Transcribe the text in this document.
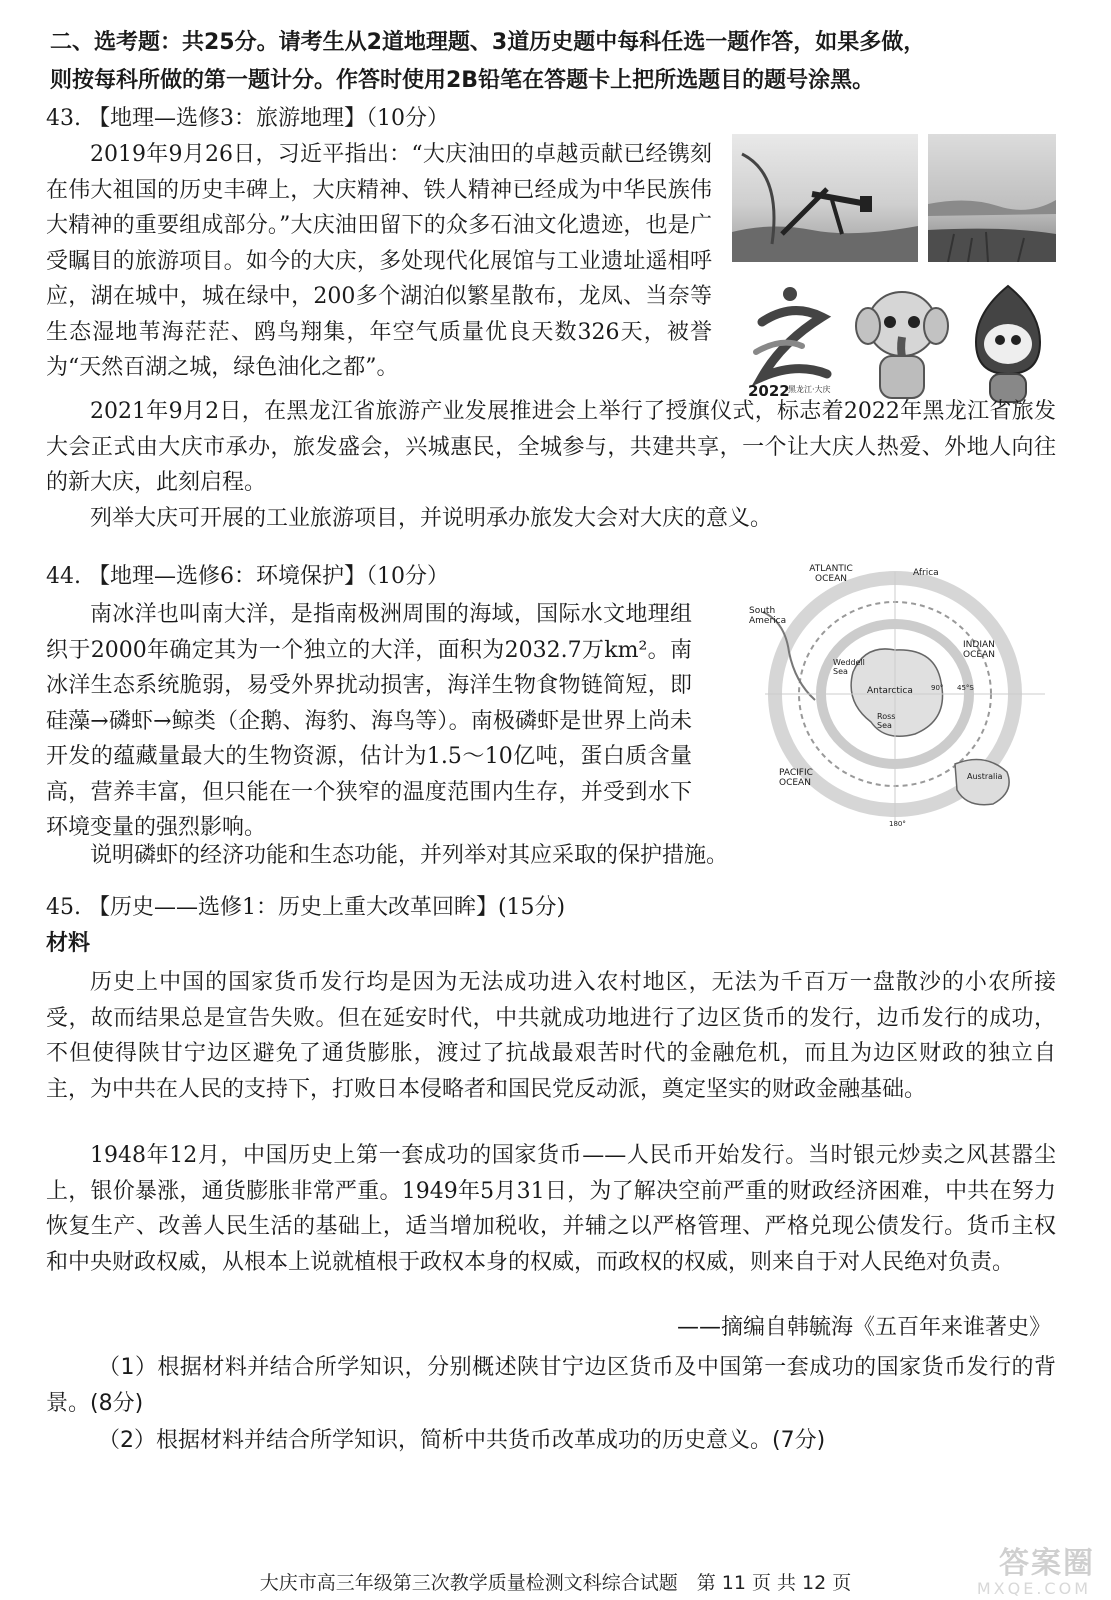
二、选考题：共25分。请考生从2道地理题、3道历史题中每科任选一题作答，如果多做，
则按每科所做的第一题计分。作答时使用2B铅笔在答题卡上把所选题目的题号涂黑。
43. 【地理—选修3：旅游地理】（10分）
2019年9月26日，习近平指出：“大庆油田的卓越贡献已经镌刻在伟大祖国的历史丰碑上，大庆精神、铁人精神已经成为中华民族伟大精神的重要组成部分。”大庆油田留下的众多石油文化遗迹，也是广受瞩目的旅游项目。如今的大庆，多处现代化展馆与工业遗址遥相呼应，湖在城中，城在绿中，200多个湖泊似繁星散布，龙凤、当奈等生态湿地苇海茫茫、鸥鸟翔集，年空气质量优良天数326天，被誉为“天然百湖之城，绿色油化之都”。
2022
黑龙江·大庆
2021年9月2日，在黑龙江省旅游产业发展推进会上举行了授旗仪式，标志着2022年黑龙江省旅发大会正式由大庆市承办，旅发盛会，兴城惠民，全城参与，共建共享，一个让大庆人热爱、外地人向往的新大庆，此刻启程。
列举大庆可开展的工业旅游项目，并说明承办旅发大会对大庆的意义。
44. 【地理—选修6：环境保护】（10分）
南冰洋也叫南大洋，是指南极洲周围的海域，国际水文地理组织于2000年确定其为一个独立的大洋，面积为2032.7万km²。南冰洋生态系统脆弱，易受外界扰动损害，海洋生物食物链简短，即硅藻→磷虾→鲸类（企鹅、海豹、海鸟等）。南极磷虾是世界上尚未开发的蕴藏量最大的生物资源，估计为1.5～10亿吨，蛋白质含量高，营养丰富，但只能在一个狭窄的温度范围内生存，并受到水下环境变量的强烈影响。
ATLANTIC OCEAN
Africa
South America
INDIAN OCEAN
Weddell Sea
Antarctica
Ross Sea
PACIFIC OCEAN
Australia
180°
90° 45°S
说明磷虾的经济功能和生态功能，并列举对其应采取的保护措施。
45. 【历史——选修1：历史上重大改革回眸】(15分)
材料
历史上中国的国家货币发行均是因为无法成功进入农村地区，无法为千百万一盘散沙的小农所接受，故而结果总是宣告失败。但在延安时代，中共就成功地进行了边区货币的发行，边币发行的成功，不但使得陕甘宁边区避免了通货膨胀，渡过了抗战最艰苦时代的金融危机，而且为边区财政的独立自主，为中共在人民的支持下，打败日本侵略者和国民党反动派，奠定坚实的财政金融基础。
1948年12月，中国历史上第一套成功的国家货币——人民币开始发行。当时银元炒卖之风甚嚣尘上，银价暴涨，通货膨胀非常严重。1949年5月31日，为了解决空前严重的财政经济困难，中共在努力恢复生产、改善人民生活的基础上，适当增加税收，并辅之以严格管理、严格兑现公债发行。货币主权和中央财政权威，从根本上说就植根于政权本身的权威，而政权的权威，则来自于对人民绝对负责。
——摘编自韩毓海《五百年来谁著史》
（1）根据材料并结合所学知识，分别概述陕甘宁边区货币及中国第一套成功的国家货币发行的背景。(8分)
（2）根据材料并结合所学知识，简析中共货币改革成功的历史意义。(7分)
大庆市高三年级第三次教学质量检测文科综合试题　第 11 页 共 12 页
答案圈
MXQE.COM
